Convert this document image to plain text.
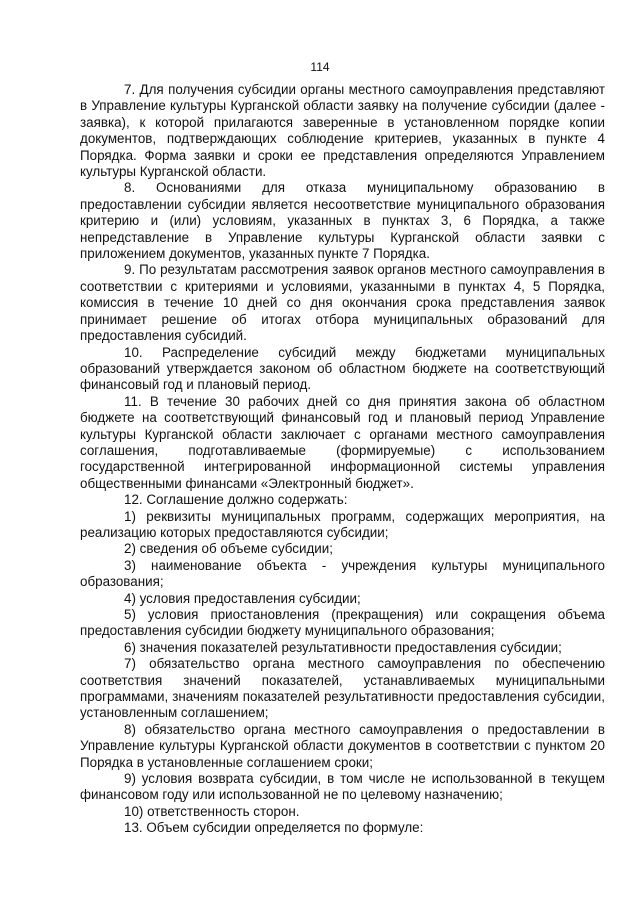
114

7. Для получения субсидии органы местного самоуправления представляют в Управление культуры Курганской области заявку на получение субсидии (далее - заявка), к которой прилагаются заверенные в установленном порядке копии документов, подтверждающих соблюдение критериев, указанных в пункте 4 Порядка. Форма заявки и сроки ее представления определяются Управлением культуры Курганской области.

8. Основаниями для отказа муниципальному образованию в предоставлении субсидии является несоответствие муниципального образования критерию и (или) условиям, указанных в пунктах 3, 6 Порядка, а также непредставление в Управление культуры Курганской области заявки с приложением документов, указанных пункте 7 Порядка.

9. По результатам рассмотрения заявок органов местного самоуправления в соответствии с критериями и условиями, указанными в пунктах 4, 5 Порядка, комиссия в течение 10 дней со дня окончания срока представления заявок принимает решение об итогах отбора муниципальных образований для предоставления субсидий.

10. Распределение субсидий между бюджетами муниципальных образований утверждается законом об областном бюджете на соответствующий финансовый год и плановый период.

11. В течение 30 рабочих дней со дня принятия закона об областном бюджете на соответствующий финансовый год и плановый период Управление культуры Курганской области заключает с органами местного самоуправления соглашения, подготавливаемые (формируемые) с использованием государственной интегрированной информационной системы управления общественными финансами «Электронный бюджет».

12. Соглашение должно содержать:

1) реквизиты муниципальных программ, содержащих мероприятия, на реализацию которых предоставляются субсидии;

2) сведения об объеме субсидии;

3) наименование объекта - учреждения культуры муниципального образования;

4) условия предоставления субсидии;

5) условия приостановления (прекращения) или сокращения объема предоставления субсидии бюджету муниципального образования;

6) значения показателей результативности предоставления субсидии;

7) обязательство органа местного самоуправления по обеспечению соответствия значений показателей, устанавливаемых муниципальными программами, значениям показателей результативности предоставления субсидии, установленным соглашением;

8) обязательство органа местного самоуправления о предоставлении в Управление культуры Курганской области документов в соответствии с пунктом 20 Порядка в установленные соглашением сроки;

9) условия возврата субсидии, в том числе не использованной в текущем финансовом году или использованной не по целевому назначению;

10) ответственность сторон.

13. Объем субсидии определяется по формуле:
